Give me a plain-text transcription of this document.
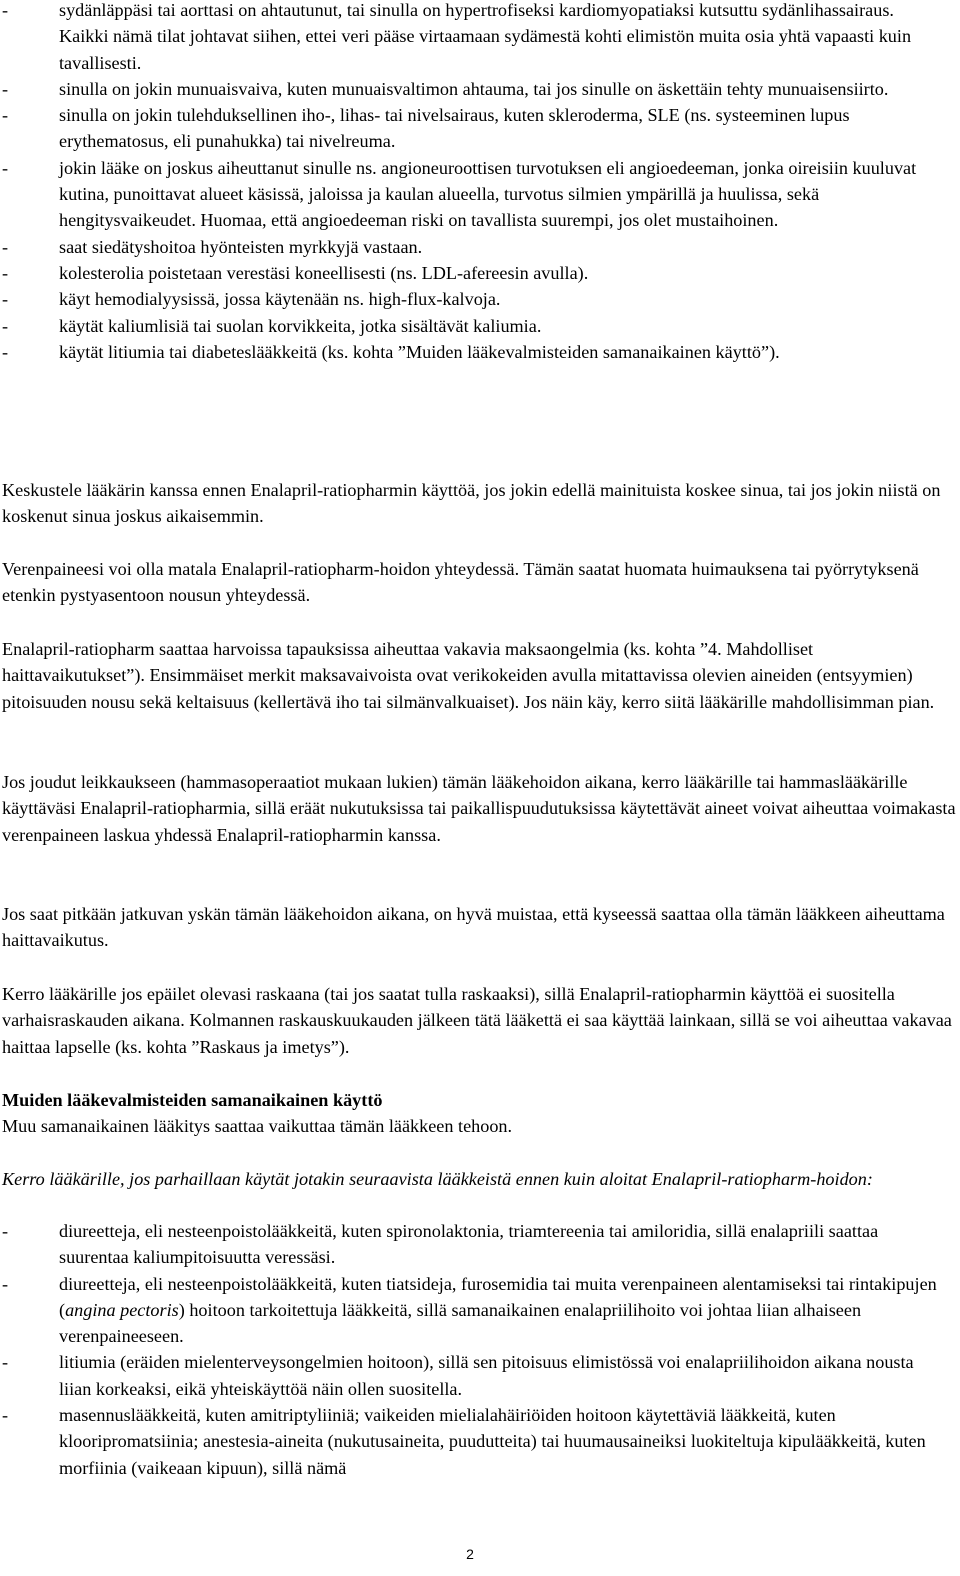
-	sydänläppäsi tai aorttasi on ahtautunut, tai sinulla on hypertrofiseksi kardiomyopatiaksi kutsuttu sydänlihassairaus. Kaikki nämä tilat johtavat siihen, ettei veri pääse virtaamaan sydämestä kohti elimistön muita osia yhtä vapaasti kuin tavallisesti.
-	sinulla on jokin munuaisvaiva, kuten munuaisvaltimon ahtauma, tai jos sinulle on äskettäin tehty munuaisensiirto.
-	sinulla on jokin tulehduksellinen iho-, lihas- tai nivelsairaus, kuten skleroderma, SLE (ns. systeeminen lupus erythematosus, eli punahukka) tai nivelreuma.
-	jokin lääke on joskus aiheuttanut sinulle ns. angioneuroottisen turvotuksen eli angioedeeman, jonka oireisiin kuuluvat kutina, punoittavat alueet käsissä, jaloissa ja kaulan alueella, turvotus silmien ympärillä ja huulissa, sekä hengitysvaikeudet. Huomaa, että angioedeeman riski on tavallista suurempi, jos olet mustaihoinen.
-	saat siedätyshoitoa hyönteisten myrkkyjä vastaan.
-	kolesterolia poistetaan verestäsi koneellisesti (ns. LDL-afereesin avulla).
-	käyt hemodialyysissä, jossa käytenään ns. high-flux-kalvoja.
-	käytät kaliumlisiä tai suolan korvikkeita, jotka sisältävät kaliumia.
-	käytät litiumia tai diabeteslääkkeitä (ks. kohta ”Muiden lääkevalmisteiden samanaikainen käyttö”).

Keskustele lääkärin kanssa ennen Enalapril-ratiopharmin käyttöä, jos jokin edellä mainituista koskee sinua, tai jos jokin niistä on koskenut sinua joskus aikaisemmin.

Verenpaineesi voi olla matala Enalapril-ratiopharm-hoidon yhteydessä. Tämän saatat huomata huimauksena tai pyörrytyksenä etenkin pystyasentoon nousun yhteydessä.

Enalapril-ratiopharm saattaa harvoissa tapauksissa aiheuttaa vakavia maksaongelmia (ks. kohta ”4. Mahdolliset haittavaikutukset”). Ensimmäiset merkit maksavaivoista ovat verikokeiden avulla mitattavissa olevien aineiden (entsyymien) pitoisuuden nousu sekä keltaisuus (kellertävä iho tai silmänvalkuaiset). Jos näin käy, kerro siitä lääkärille mahdollisimman pian.

Jos joudut leikkaukseen (hammasoperaatiot mukaan lukien) tämän lääkehoidon aikana, kerro lääkärille tai hammaslääkärille käyttäväsi Enalapril-ratiopharmia, sillä eräät nukutuksissa tai paikallispuudutuksissa käytettävät aineet voivat aiheuttaa voimakasta verenpaineen laskua yhdessä Enalapril-ratiopharmin kanssa.

Jos saat pitkään jatkuvan yskän tämän lääkehoidon aikana, on hyvä muistaa, että kyseessä saattaa olla tämän lääkkeen aiheuttama haittavaikutus.

Kerro lääkärille jos epäilet olevasi raskaana (tai jos saatat tulla raskaaksi), sillä Enalapril-ratiopharmin käyttöä ei suositella varhaisraskauden aikana. Kolmannen raskauskuukauden jälkeen tätä lääkettä ei saa käyttää lainkaan, sillä se voi aiheuttaa vakavaa haittaa lapselle (ks. kohta ”Raskaus ja imetys”).

Muiden lääkevalmisteiden samanaikainen käyttö

Muu samanaikainen lääkitys saattaa vaikuttaa tämän lääkkeen tehoon.

Kerro lääkärille, jos parhaillaan käytät jotakin seuraavista lääkkeistä ennen kuin aloitat Enalapril-ratiopharm-hoidon:

-	diureetteja, eli nesteenpoistolääkkeitä, kuten spironolaktonia, triamtereenia tai amiloridia, sillä enalapriili saattaa suurentaa kaliumpitoisuutta veressäsi.
-	diureetteja, eli nesteenpoistolääkkeitä, kuten tiatsideja, furosemidia tai muita verenpaineen alentamiseksi tai rintakipujen (angina pectoris) hoitoon tarkoitettuja lääkkeitä, sillä samanaikainen enalapriilihoito voi johtaa liian alhaiseen verenpaineeseen.
-	litiumia (eräiden mielenterveysongelmien hoitoon), sillä sen pitoisuus elimistössä voi enalapriilihoidon aikana nousta liian korkeaksi, eikä yhteiskäyttöä näin ollen suositella.
-	masennuslääkkeitä, kuten amitriptyliiniä; vaikeiden mielialahäiriöiden hoitoon käytettäviä lääkkeitä, kuten klooripromatsiinia; anestesia-aineita (nukutusaineita, puudutteita) tai huumausaineiksi luokiteltuja kipulääkkeitä, kuten morfiinia (vaikeaan kipuun), sillä nämä
2
